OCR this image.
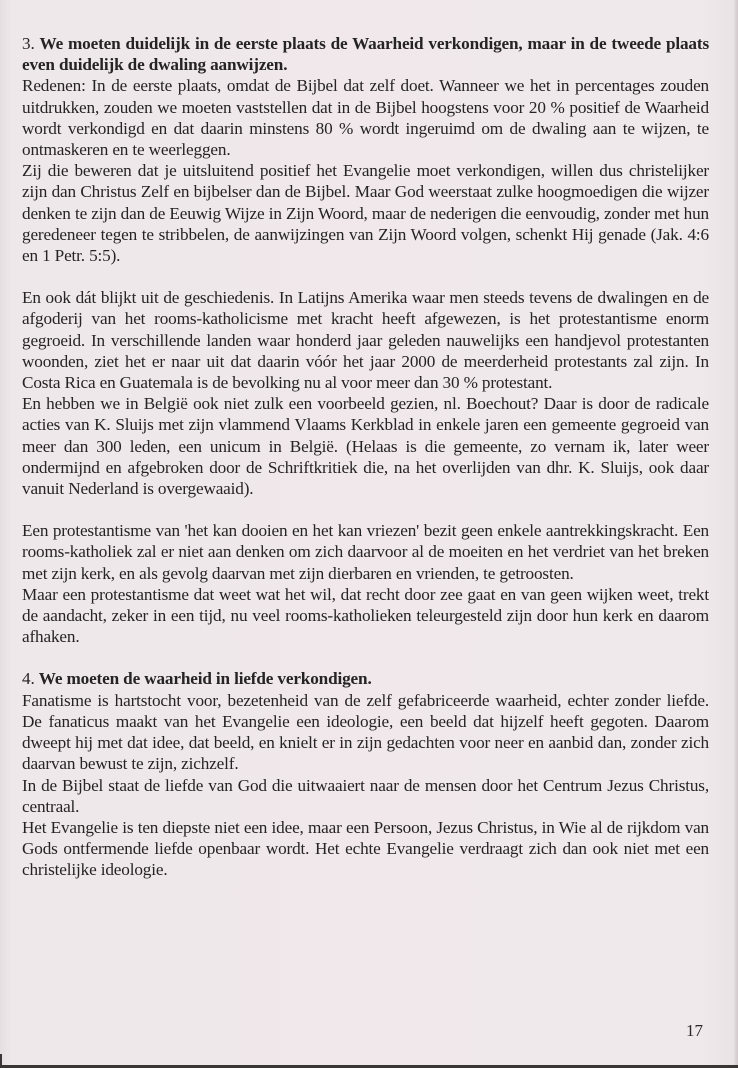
3. We moeten duidelijk in de eerste plaats de Waarheid verkondigen, maar in de tweede plaats even duidelijk de dwaling aanwijzen.

Redenen: In de eerste plaats, omdat de Bijbel dat zelf doet. Wanneer we het in percentages zouden uitdrukken, zouden we moeten vaststellen dat in de Bijbel hoogstens voor 20 % positief de Waarheid wordt verkondigd en dat daarin minstens 80 % wordt ingeruimd om de dwaling aan te wijzen, te ontmaskeren en te weerleggen.

Zij die beweren dat je uitsluitend positief het Evangelie moet verkondigen, willen dus christelijker zijn dan Christus Zelf en bijbelser dan de Bijbel. Maar God weerstaat zulke hoogmoedigen die wijzer denken te zijn dan de Eeuwig Wijze in Zijn Woord, maar de nederigen die eenvoudig, zonder met hun geredeneer tegen te stribbelen, de aanwijzingen van Zijn Woord volgen, schenkt Hij genade (Jak. 4:6 en 1 Petr. 5:5).

En ook dát blijkt uit de geschiedenis. In Latijns Amerika waar men steeds tevens de dwalingen en de afgoderij van het rooms-katholicisme met kracht heeft afgewezen, is het protestantisme enorm gegroeid. In verschillende landen waar honderd jaar geleden nauwelijks een handjevol protestanten woonden, ziet het er naar uit dat daarin vóór het jaar 2000 de meerderheid protestants zal zijn. In Costa Rica en Guatemala is de bevolking nu al voor meer dan 30 % protestant.

En hebben we in België ook niet zulk een voorbeeld gezien, nl. Boechout? Daar is door de radicale acties van K. Sluijs met zijn vlammend Vlaams Kerkblad in enkele jaren een gemeente gegroeid van meer dan 300 leden, een unicum in België. (Helaas is die gemeente, zo vernam ik, later weer ondermijnd en afgebroken door de Schriftkritiek die, na het overlijden van dhr. K. Sluijs, ook daar vanuit Nederland is overgewaaid).

Een protestantisme van 'het kan dooien en het kan vriezen' bezit geen enkele aantrekkingskracht. Een rooms-katholiek zal er niet aan denken om zich daarvoor al de moeiten en het verdriet van het breken met zijn kerk, en als gevolg daarvan met zijn dierbaren en vrienden, te getroosten.

Maar een protestantisme dat weet wat het wil, dat recht door zee gaat en van geen wijken weet, trekt de aandacht, zeker in een tijd, nu veel rooms-katholieken teleurgesteld zijn door hun kerk en daarom afhaken.

4. We moeten de waarheid in liefde verkondigen.

Fanatisme is hartstocht voor, bezetenheid van de zelf gefabriceerde waarheid, echter zonder liefde. De fanaticus maakt van het Evangelie een ideologie, een beeld dat hijzelf heeft gegoten. Daarom dweept hij met dat idee, dat beeld, en knielt er in zijn gedachten voor neer en aanbid dan, zonder zich daarvan bewust te zijn, zichzelf.

In de Bijbel staat de liefde van God die uitwaaiert naar de mensen door het Centrum Jezus Christus, centraal.

Het Evangelie is ten diepste niet een idee, maar een Persoon, Jezus Christus, in Wie al de rijkdom van Gods ontfermende liefde openbaar wordt. Het echte Evangelie verdraagt zich dan ook niet met een christelijke ideologie.

17
